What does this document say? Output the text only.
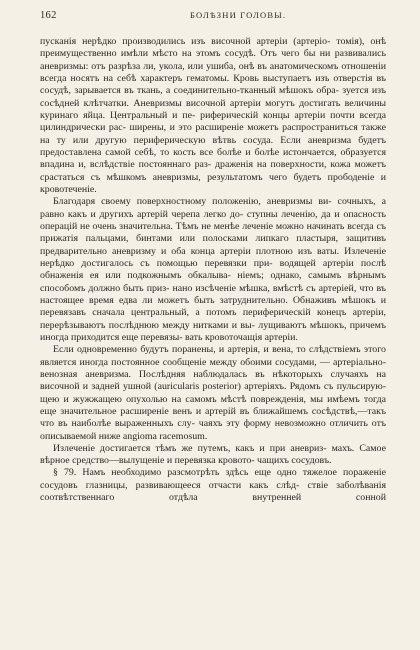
162	БОЛѢЗНИ ГОЛОВЫ.

пусканія нерѣдко производились изъ височной артеріи (артеріо- томія), онѣ преимущественно имѣли мѣсто на этомъ сосудѣ. Отъ чего бы ни развивались аневризмы: отъ разрѣза ли, укола, или ушиба, онѣ въ анатомическомъ отношеніи всегда носятъ на себѣ характеръ гематомы. Кровь выступаетъ изъ отверстія въ сосудѣ, зарывается въ ткань, а соединительно-тканный мѣшокъ обра- зуется изъ сосѣдней клѣтчатки. Аневризмы височной артеріи могутъ достигать величины куринаго яйца. Центральный и пе- риферическій концы артеріи почти всегда цилиндрически рас- ширены, и это расширеніе можетъ распространиться также на ту или другую периферическую вѣтвь сосуда. Если аневризма будетъ предоставлена самой себѣ, то кость все болѣе и болѣе истончается, образуется впадина и, вслѣдствіе постояннаго раз- драженія на поверхности, кожа можетъ срастаться съ мѣшкомъ аневризмы, результатомъ чего будетъ прободеніе и кровотеченіе.

Благодаря своему поверхностному положенію, аневризмы ви- сочныхъ, а равно какъ и другихъ артерій черепа легко до- ступны леченію, да и опасность операцій не очень значительна. Тѣмъ не менѣе леченіе можно начинать всегда съ прижатія пальцами, бинтами или полосками липкаго пластыря, защитивъ предварительно аневризму и оба конца артеріи плотною изъ ваты. Излеченіе нерѣдко достигалось съ помощью перевязки при- водящей артеріи послѣ обнаженія ея или подкожнымъ обкалыва- ніемъ; однако, самымъ вѣрнымъ способомъ должно быть приз- нано изсѣченіе мѣшка, вмѣстѣ съ артеріей, что въ настоящее время едва ли можетъ быть затруднительно. Обнаживъ мѣшокъ и перевязавъ сначала центральный, а потомъ периферическій конецъ артеріи, перерѣзываютъ послѣднюю между нитками и вы- лущиваютъ мѣшокъ, причемъ иногда приходится еще перевязы- вать кровоточащія артеріи.

Если одновременно будутъ поранены, и артерія, и вена, то слѣдствіемъ этого является иногда постоянное сообщеніе между обоими сосудами, — артеріально-венозная аневризма. Послѣдняя наблюдалась въ нѣкоторыхъ случаяхъ на височной и задней ушной (auricularis posterior) артеріяхъ. Рядомъ съ пульсирую- щею и жужжащею опухолью на самомъ мѣстѣ поврежденія, мы имѣемъ тогда еще значительное расширеніе венъ и артерій въ ближайшемъ сосѣдствѣ,—такъ что въ наиболѣе выраженныхъ слу- чаяхъ эту форму невозможно отличить отъ описываемой ниже angioma racemosum.

Излеченіе достигается тѣмъ же путемъ, какъ и при аневриз- махъ. Самое вѣрное средство—вылущеніе и перевязка кровото- чащихъ сосудовъ.

§ 79. Намъ необходимо разсмотрѣть здѣсь еще одно тяжелое пораженіе сосудовъ глазницы, развивающееся отчасти какъ слѣд- ствіе заболѣванія соотвѣтственнаго отдѣла внутренней сонной
